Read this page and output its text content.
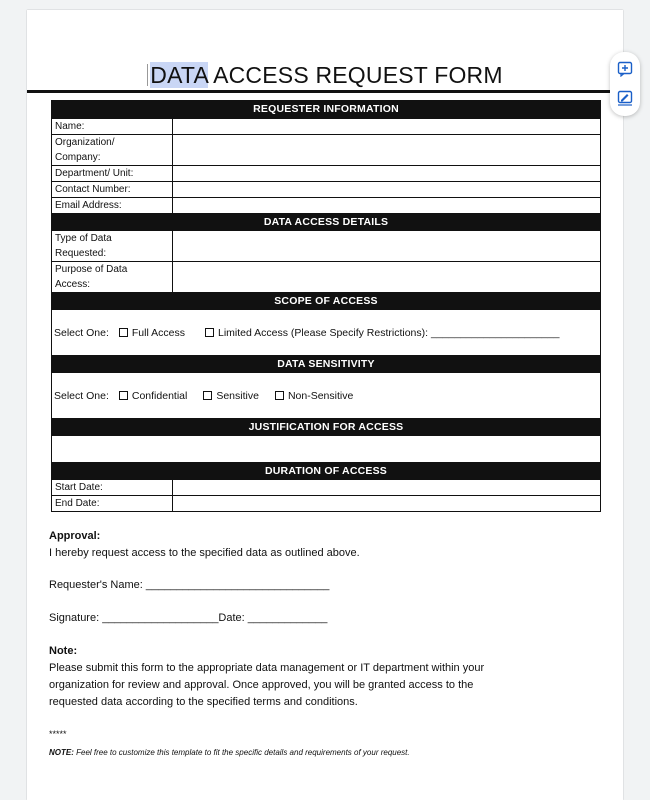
DATA ACCESS REQUEST FORM
REQUESTER INFORMATION
Name:
Organization/
Company:
Department/ Unit:
Contact Number:
Email Address:
DATA ACCESS DETAILS
Type of Data
Requested:
Purpose of Data
Access:
SCOPE OF ACCESS
Select One: Full Access	Limited Access (Please Specify Restrictions): ______________________
DATA SENSITIVITY
Select One: Confidential	Sensitive	Non-Sensitive
JUSTIFICATION FOR ACCESS
DURATION OF ACCESS
Start Date:
End Date:
Approval:
I hereby request access to the specified data as outlined above.
Requester's Name: ______________________________
Signature: ___________________Date: _____________
Note:
Please submit this form to the appropriate data management or IT department within your
organization for review and approval. Once approved, you will be granted access to the
requested data according to the specified terms and conditions.
*****
NOTE: Feel free to customize this template to fit the specific details and requirements of your request.
